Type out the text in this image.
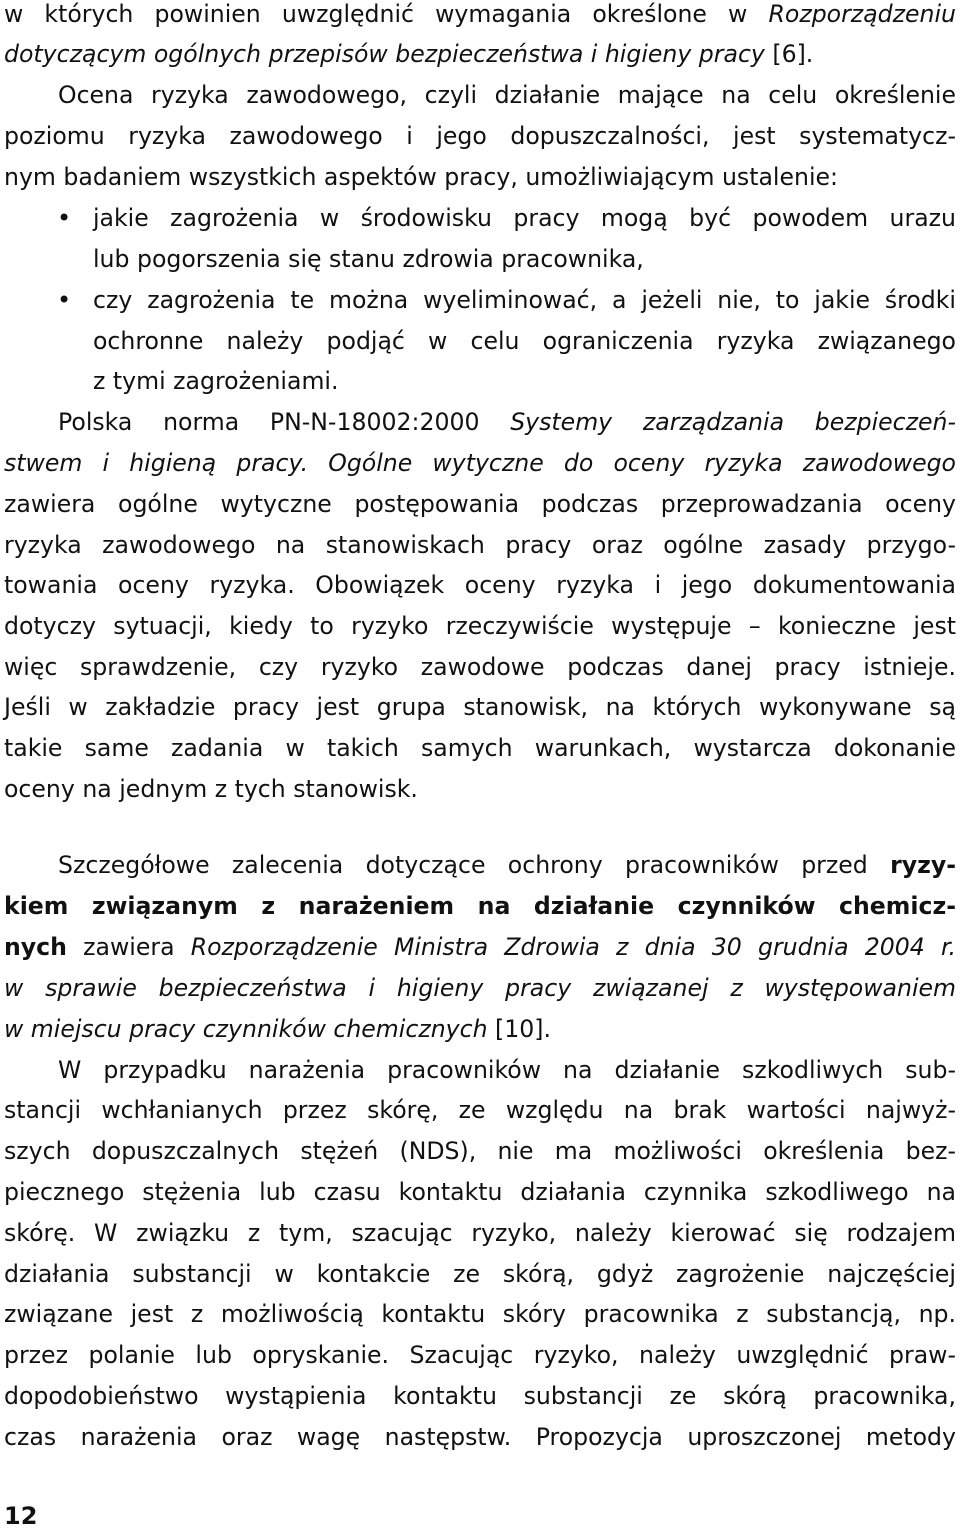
w których powinien uwzględnić wymagania określone w Rozporządzeniu
dotyczącym ogólnych przepisów bezpieczeństwa i higieny pracy [6].
Ocena ryzyka zawodowego, czyli działanie mające na celu określenie
poziomu ryzyka zawodowego i jego dopuszczalności, jest systematycz-
nym badaniem wszystkich aspektów pracy, umożliwiającym ustalenie:
• jakie zagrożenia w środowisku pracy mogą być powodem urazu
lub pogorszenia się stanu zdrowia pracownika,
• czy zagrożenia te można wyeliminować, a jeżeli nie, to jakie środki
ochronne należy podjąć w celu ograniczenia ryzyka związanego
z tymi zagrożeniami.
Polska norma PN-N-18002:2000 Systemy zarządzania bezpieczeń-
stwem i higieną pracy. Ogólne wytyczne do oceny ryzyka zawodowego
zawiera ogólne wytyczne postępowania podczas przeprowadzania oceny
ryzyka zawodowego na stanowiskach pracy oraz ogólne zasady przygo-
towania oceny ryzyka. Obowiązek oceny ryzyka i jego dokumentowania
dotyczy sytuacji, kiedy to ryzyko rzeczywiście występuje – konieczne jest
więc sprawdzenie, czy ryzyko zawodowe podczas danej pracy istnieje.
Jeśli w zakładzie pracy jest grupa stanowisk, na których wykonywane są
takie same zadania w takich samych warunkach, wystarcza dokonanie
oceny na jednym z tych stanowisk.
Szczegółowe zalecenia dotyczące ochrony pracowników przed ryzy-
kiem związanym z narażeniem na działanie czynników chemicz-
nych zawiera Rozporządzenie Ministra Zdrowia z dnia 30 grudnia 2004 r.
w sprawie bezpieczeństwa i higieny pracy związanej z występowaniem
w miejscu pracy czynników chemicznych [10].
W przypadku narażenia pracowników na działanie szkodliwych sub-
stancji wchłanianych przez skórę, ze względu na brak wartości najwyż-
szych dopuszczalnych stężeń (NDS), nie ma możliwości określenia bez-
piecznego stężenia lub czasu kontaktu działania czynnika szkodliwego na
skórę. W związku z tym, szacując ryzyko, należy kierować się rodzajem
działania substancji w kontakcie ze skórą, gdyż zagrożenie najczęściej
związane jest z możliwością kontaktu skóry pracownika z substancją, np.
przez polanie lub opryskanie. Szacując ryzyko, należy uwzględnić praw-
dopodobieństwo wystąpienia kontaktu substancji ze skórą pracownika,
czas narażenia oraz wagę następstw. Propozycja uproszczonej metody
12
